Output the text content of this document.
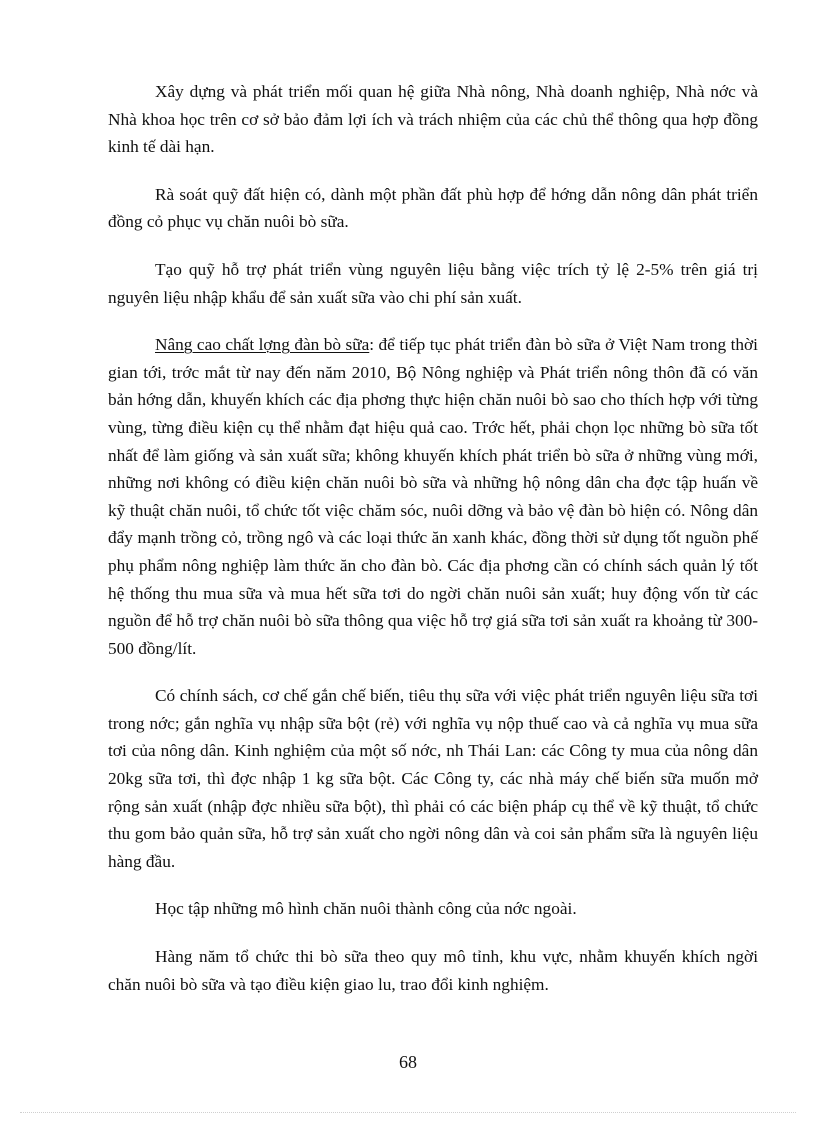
Xây dựng và phát triển mối quan hệ giữa Nhà nông, Nhà doanh nghiệp, Nhà nớc và Nhà khoa học trên cơ sở bảo đảm lợi ích và trách nhiệm của các chủ thể thông qua hợp đồng kinh tế dài hạn.

Rà soát quỹ đất hiện có, dành một phần đất phù hợp để hớng dẫn nông dân phát triển đồng cỏ phục vụ chăn nuôi bò sữa.

Tạo quỹ hỗ trợ phát triển vùng nguyên liệu bằng việc trích tỷ lệ 2-5% trên giá trị nguyên liệu nhập khẩu để sản xuất sữa vào chi phí sản xuất.

Nâng cao chất lợng đàn bò sữa: để tiếp tục phát triển đàn bò sữa ở Việt Nam trong thời gian tới, trớc mắt từ nay đến năm 2010, Bộ Nông nghiệp và Phát triển nông thôn đã có văn bản hớng dẫn, khuyến khích các địa phơng thực hiện chăn nuôi bò sao cho thích hợp với từng vùng, từng điều kiện cụ thể nhằm đạt hiệu quả cao. Trớc hết, phải chọn lọc những bò sữa tốt nhất để làm giống và sản xuất sữa; không khuyến khích phát triển bò sữa ở những vùng mới, những nơi không có điều kiện chăn nuôi bò sữa và những hộ nông dân cha đợc tập huấn về kỹ thuật chăn nuôi, tổ chức tốt việc chăm sóc, nuôi dỡng và bảo vệ đàn bò hiện có. Nông dân đẩy mạnh trồng cỏ, trồng ngô và các loại thức ăn xanh khác, đồng thời sử dụng tốt nguồn phế phụ phẩm nông nghiệp làm thức ăn cho đàn bò. Các địa phơng cần có chính sách quản lý tốt hệ thống thu mua sữa và mua hết sữa tơi do ngời chăn nuôi sản xuất; huy động vốn từ các nguồn để hỗ trợ chăn nuôi bò sữa thông qua việc hỗ trợ giá sữa tơi sản xuất ra khoảng từ 300-500 đồng/lít.

Có chính sách, cơ chế gắn chế biến, tiêu thụ sữa với việc phát triển nguyên liệu sữa tơi trong nớc; gắn nghĩa vụ nhập sữa bột (rẻ) với nghĩa vụ nộp thuế cao và cả nghĩa vụ mua sữa tơi của nông dân. Kinh nghiệm của một số nớc, nh Thái Lan: các Công ty mua của nông dân 20kg sữa tơi, thì đợc nhập 1 kg sữa bột. Các Công ty, các nhà máy chế biến sữa muốn mở rộng sản xuất (nhập đợc nhiều sữa bột), thì phải có các biện pháp cụ thể về kỹ thuật, tổ chức thu gom bảo quản sữa, hỗ trợ sản xuất cho ngời nông dân và coi sản phẩm sữa là nguyên liệu hàng đầu.

Học tập những mô hình chăn nuôi thành công của nớc ngoài.

Hàng năm tổ chức thi bò sữa theo quy mô tỉnh, khu vực, nhằm khuyến khích ngời chăn nuôi bò sữa và tạo điều kiện giao lu, trao đổi kinh nghiệm.

68
